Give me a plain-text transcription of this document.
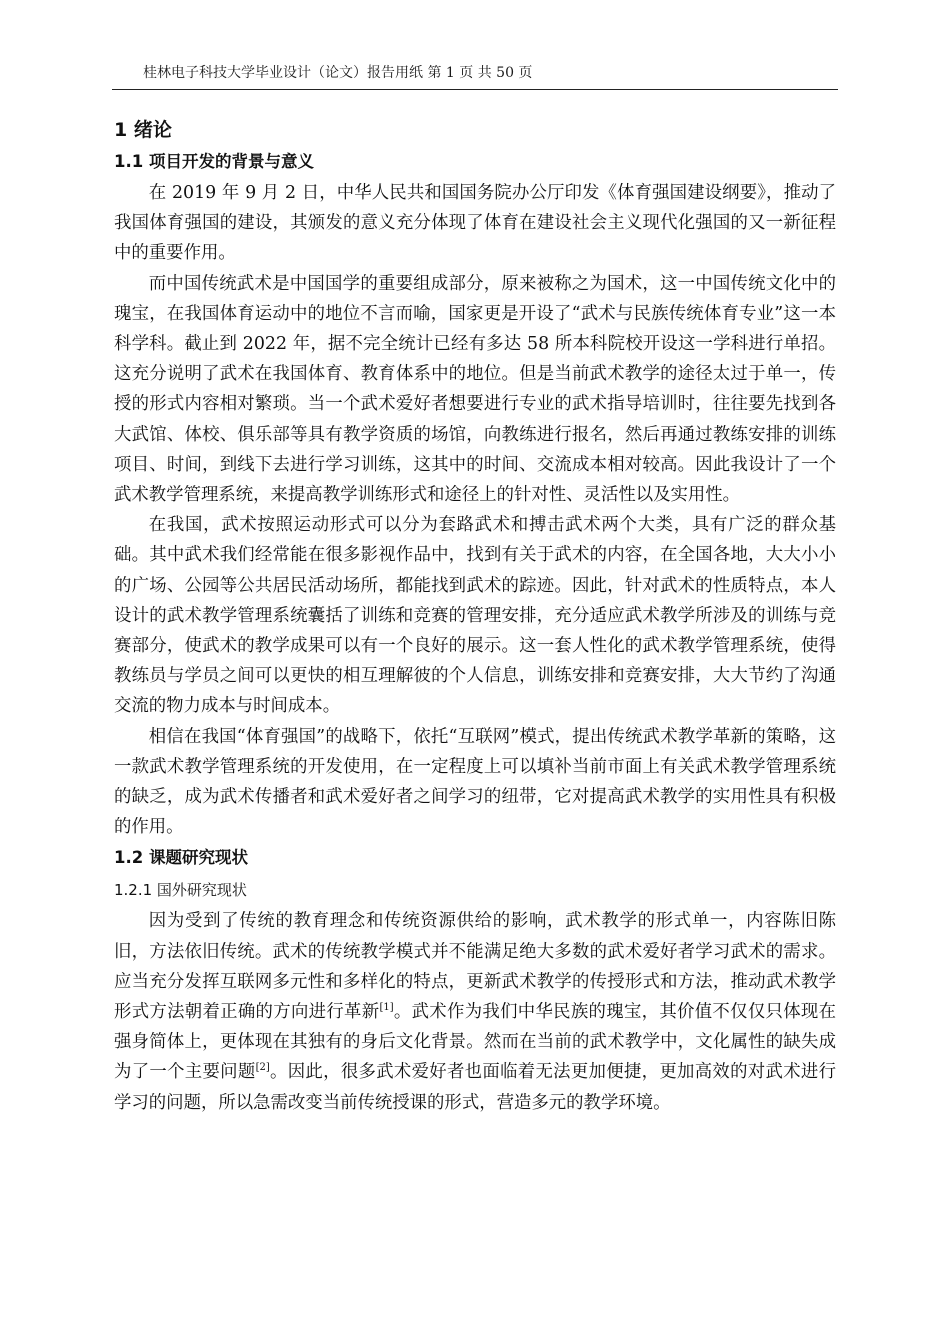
桂林电子科技大学毕业设计（论文）报告用纸 第 1 页 共 50 页
1 绪论
1.1 项目开发的背景与意义

在 2019 年 9 月 2 日，中华人民共和国国务院办公厅印发《体育强国建设纲要》，推动了我国体育强国的建设，其颁发的意义充分体现了体育在建设社会主义现代化强国的又一新征程中的重要作用。

而中国传统武术是中国国学的重要组成部分，原来被称之为国术，这一中国传统文化中的瑰宝，在我国体育运动中的地位不言而喻，国家更是开设了“武术与民族传统体育专业”这一本科学科。截止到 2022 年，据不完全统计已经有多达 58 所本科院校开设这一学科进行单招。这充分说明了武术在我国体育、教育体系中的地位。但是当前武术教学的途径太过于单一，传授的形式内容相对繁琐。当一个武术爱好者想要进行专业的武术指导培训时，往往要先找到各大武馆、体校、俱乐部等具有教学资质的场馆，向教练进行报名，然后再通过教练安排的训练项目、时间，到线下去进行学习训练，这其中的时间、交流成本相对较高。因此我设计了一个武术教学管理系统，来提高教学训练形式和途径上的针对性、灵活性以及实用性。

在我国，武术按照运动形式可以分为套路武术和搏击武术两个大类，具有广泛的群众基础。其中武术我们经常能在很多影视作品中，找到有关于武术的内容，在全国各地，大大小小的广场、公园等公共居民活动场所，都能找到武术的踪迹。因此，针对武术的性质特点，本人设计的武术教学管理系统囊括了训练和竞赛的管理安排，充分适应武术教学所涉及的训练与竞赛部分，使武术的教学成果可以有一个良好的展示。这一套人性化的武术教学管理系统，使得教练员与学员之间可以更快的相互理解彼的个人信息，训练安排和竞赛安排，大大节约了沟通交流的物力成本与时间成本。

相信在我国“体育强国”的战略下，依托“互联网”模式，提出传统武术教学革新的策略，这一款武术教学管理系统的开发使用，在一定程度上可以填补当前市面上有关武术教学管理系统的缺乏，成为武术传播者和武术爱好者之间学习的纽带，它对提高武术教学的实用性具有积极的作用。

1.2 课题研究现状
1.2.1 国外研究现状

因为受到了传统的教育理念和传统资源供给的影响，武术教学的形式单一，内容陈旧陈旧，方法依旧传统。武术的传统教学模式并不能满足绝大多数的武术爱好者学习武术的需求。应当充分发挥互联网多元性和多样化的特点，更新武术教学的传授形式和方法，推动武术教学形式方法朝着正确的方向进行革新[1]。武术作为我们中华民族的瑰宝，其价值不仅仅只体现在强身简体上，更体现在其独有的身后文化背景。然而在当前的武术教学中，文化属性的缺失成为了一个主要问题[2]。因此，很多武术爱好者也面临着无法更加便捷，更加高效的对武术进行学习的问题，所以急需改变当前传统授课的形式，营造多元的教学环境。
